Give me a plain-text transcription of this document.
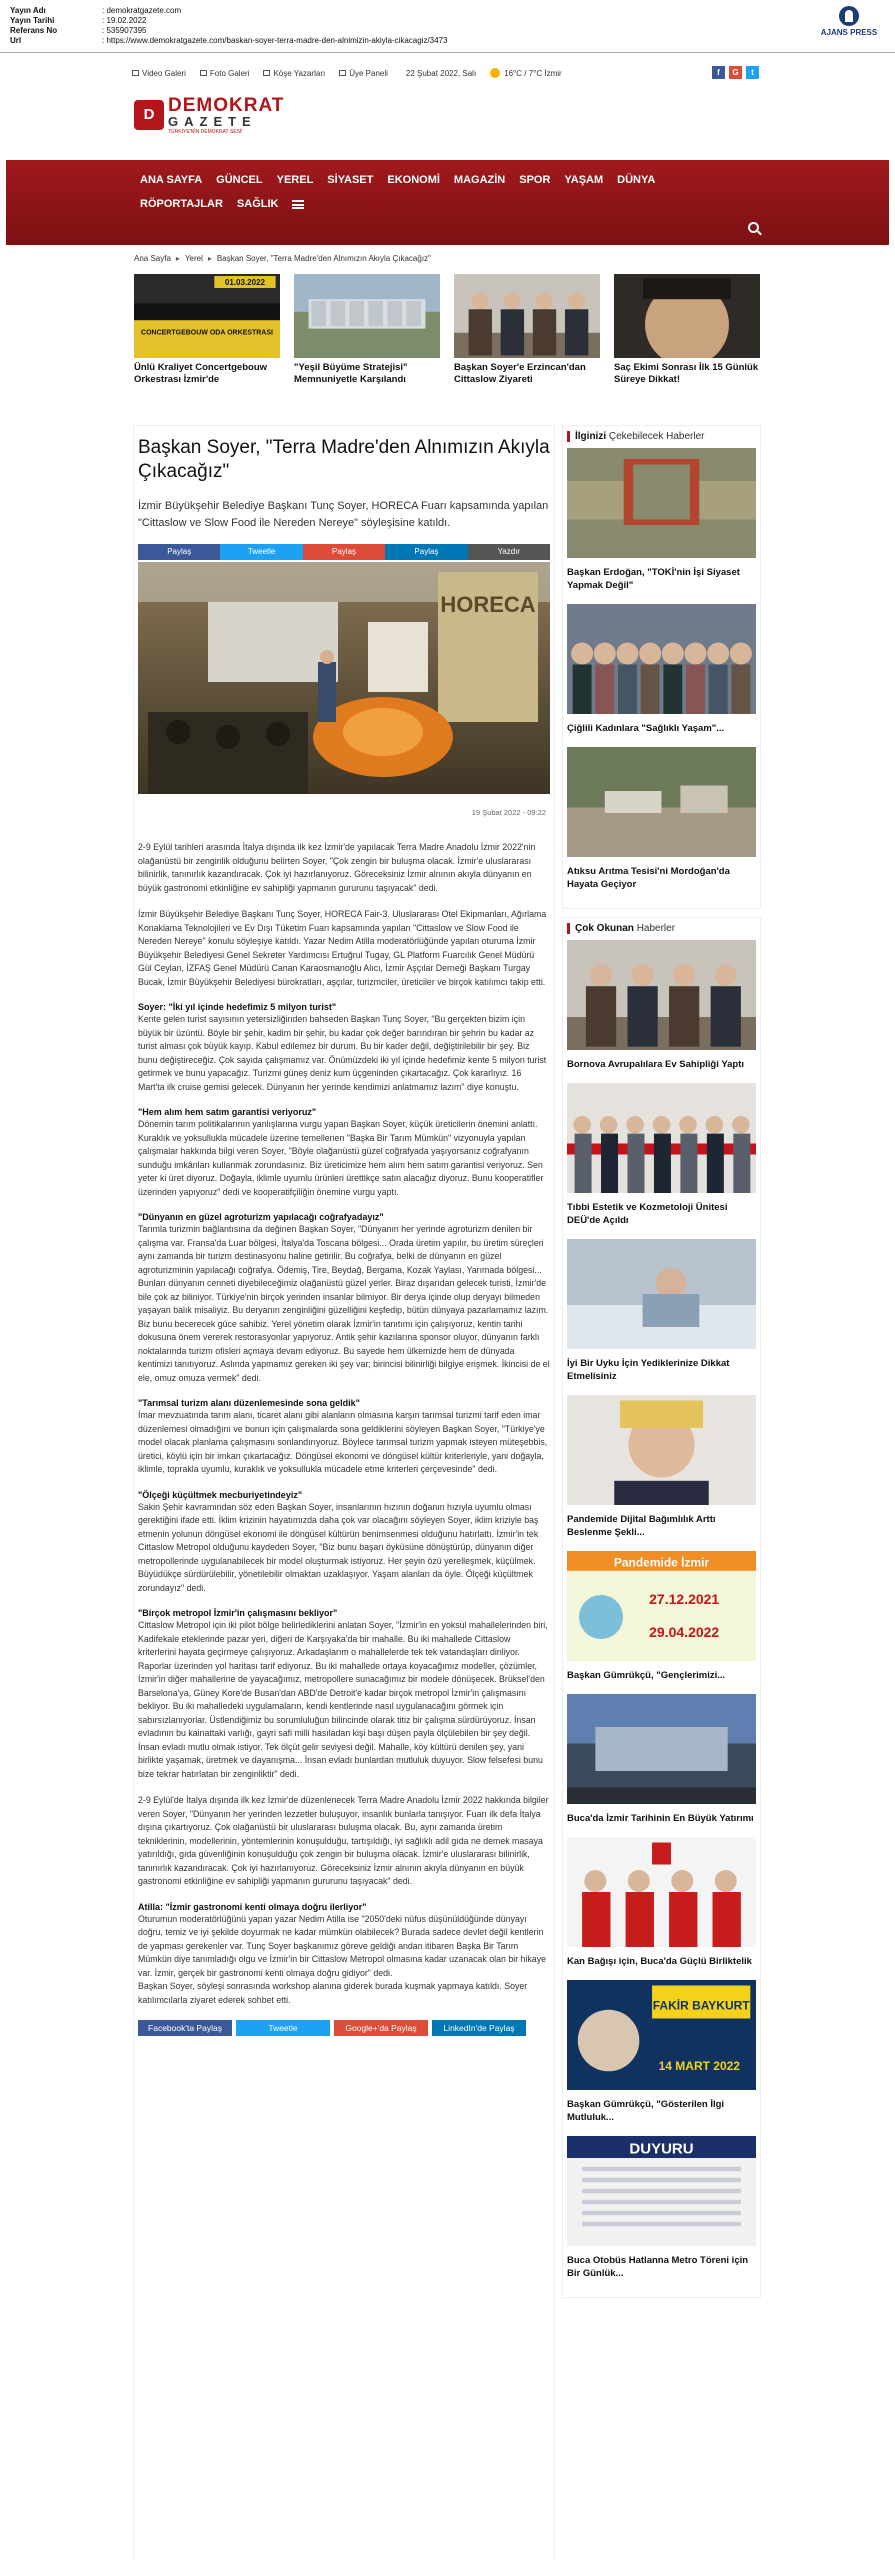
Yayın Adı	: demokratgazete.com
Yayın Tarihi	: 19.02.2022
Referans No	: 535907395
Url	: https://www.demokratgazete.com/baskan-soyer-terra-madre-den-alnimizin-akiyla-cikacagiz/3473
AJANS PRESS
Video Galeri	Foto Galeri	Köşe Yazarları	Üye Paneli 22 Şubat 2022, Salı	16°C / 7°C İzmir	f	G	t
D DEMOKRAT
GAZETE
TÜRKİYE'NİN DEMOKRAT SESİ!
ANA SAYFA GÜNCEL YEREL SİYASET EKONOMİ MAGAZİN SPOR YAŞAM DÜNYA
RÖPORTAJLAR SAĞLIK
Ana Sayfa ▸ Yerel ▸ Başkan Soyer, "Terra Madre'den Alnımızın Akıyla Çıkacağız"
01.03.2022
CONCERTGEBOUW ODA ORKESTRASI
Ünlü Kraliyet Concertgebouw Orkestrası İzmir'de
"Yeşil Büyüme Stratejisi" Memnuniyetle Karşılandı
Başkan Soyer'e Erzincan'dan Cittaslow Ziyareti
Saç Ekimi Sonrası İlk 15 Günlük Süreye Dikkat!
Başkan Soyer, "Terra Madre'den Alnımızın Akıyla Çıkacağız"

İzmir Büyükşehir Belediye Başkanı Tunç Soyer, HORECA Fuarı kapsamında yapılan "Cittaslow ve Slow Food ile Nereden Nereye" söyleşisine katıldı.

Paylaş	Tweetle	Paylaş	Paylaş	Yazdır
HORECA
19 Şubat 2022 - 09:22

2-9 Eylül tarihleri arasında İtalya dışında ilk kez İzmir'de yapılacak Terra Madre Anadolu İzmir 2022'nin olağanüstü bir zenginlik olduğunu belirten Soyer, "Çok zengin bir buluşma olacak. İzmir'e uluslararası bilinirlik, tanınırlık kazandıracak. Çok iyi hazırlanıyoruz. Göreceksiniz İzmir alnının akıyla dünyanın en büyük gastronomi etkinliğine ev sahipliği yapmanın gururunu taşıyacak" dedi.

İzmir Büyükşehir Belediye Başkanı Tunç Soyer, HORECA Fair-3. Uluslararası Otel Ekipmanları, Ağırlama Konaklama Teknolojileri ve Ev Dışı Tüketim Fuarı kapsamında yapılan "Cittaslow ve Slow Food ile Nereden Nereye" konulu söyleşiye katıldı. Yazar Nedim Atilla moderatörlüğünde yapılan oturuma İzmir Büyükşehir Belediyesi Genel Sekreter Yardımcısı Ertuğrul Tugay, GL Platform Fuarcılık Genel Müdürü Gül Ceylan, İZFAŞ Genel Müdürü Canan Karaosmanoğlu Alıcı, İzmir Aşçılar Derneği Başkanı Turgay Bucak, İzmir Büyükşehir Belediyesi bürokratları, aşçılar, turizmciler, üreticiler ve birçok katılımcı takip etti.

Soyer: "İki yıl içinde hedefimiz 5 milyon turist"

Kente gelen turist sayısının yetersizliğinden bahseden Başkan Tunç Soyer, "Bu gerçekten bizim için büyük bir üzüntü. Böyle bir şehir, kadim bir şehir, bu kadar çok değer barındıran bir şehrin bu kadar az turist alması çok büyük kayıp. Kabul edilemez bir durum. Bu bir kader değil, değiştirilebilir bir şey. Biz bunu değiştireceğiz. Çok sayıda çalışmamız var. Önümüzdeki iki yıl içinde hedefimiz kente 5 milyon turist getirmek ve bunu yapacağız. Turizmi güneş deniz kum üçgeninden çıkartacağız. Çok kararlıyız. 16 Mart'ta ilk cruise gemisi gelecek. Dünyanın her yerinde kendimizi anlatmamız lazım" diye konuştu.

"Hem alım hem satım garantisi veriyoruz"

Dönemin tarım politikalarının yanlışlarına vurgu yapan Başkan Soyer, küçük üreticilerin önemini anlattı. Kuraklık ve yoksullukla mücadele üzerine temellenen "Başka Bir Tarım Mümkün" vizyonuyla yapılan çalışmalar hakkında bilgi veren Soyer, "Böyle olağanüstü güzel coğrafyada yaşıyorsanız coğrafyanın sunduğu imkânları kullanmak zorundasınız. Biz üreticimize hem alım hem satım garantisi veriyoruz. Sen yeter ki üret diyoruz. Doğayla, iklimle uyumlu ürünleri ürettikçe satın alacağız diyoruz. Bunu kooperatifler üzerinden yapıyoruz" dedi ve kooperatifçiliğin önemine vurgu yaptı.

"Dünyanın en güzel agroturizm yapılacağı coğrafyadayız"

Tarımla turizmin bağlantısına da değinen Başkan Soyer, "Dünyanın her yerinde agroturizm denilen bir çalışma var. Fransa'da Luar bölgesi, İtalya'da Toscana bölgesi... Orada üretim yapılır, bu üretim süreçleri aynı zamanda bir turizm destinasyonu haline getirilir. Bu coğrafya, belki de dünyanın en güzel agroturizminin yapılacağı coğrafya. Ödemiş, Tire, Beydağ, Bergama, Kozak Yaylası, Yarımada bölgesi... Bunları dünyanın cenneti diyebileceğimiz olağanüstü güzel yerler. Biraz dışarıdan gelecek turisti, İzmir'de bile çok az biliniyor. Türkiye'nin birçok yerinden insanlar bilmiyor. Bir derya içinde olup deryayı bilmeden yaşayan balık misaliyiz. Bu deryanın zenginliğini güzelliğini keşfedip, bütün dünyaya pazarlamamız lazım. Biz bunu becerecek güce sahibiz. Yerel yönetim olarak İzmir'in tanıtımı için çalışıyoruz, kentin tarihi dokusuna önem vererek restorasyonlar yapıyoruz. Antik şehir kazılarına sponsor oluyor, dünyanın farklı noktalarında turizm ofisleri açmaya devam ediyoruz. Bu sayede hem ülkemizde hem de dünyada kentimizi tanıtıyoruz. Aslında yapmamız gereken iki şey var; birincisi bilinirliği bilgiye erişmek. İkincisi de el ele, omuz omuza vermek" dedi.

"Tarımsal turizm alanı düzenlemesinde sona geldik"

İmar mevzuatında tarım alanı, ticaret alanı gibi alanların olmasına karşın tarımsal turizmi tarif eden imar düzenlemesi olmadığını ve bunun için çalışmalarda sona geldiklerini söyleyen Başkan Soyer, "Türkiye'ye model olacak planlama çalışmasını sonlandırıyoruz. Böylece tarımsal turizm yapmak isteyen müteşebbis, üretici, köylü için bir imkan çıkartacağız. Döngüsel ekonomi ve döngüsel kültür kriterleriyle, yani doğayla, iklimle, toprakla uyumlu, kuraklık ve yoksullukla mücadele etme kriterleri çerçevesinde" dedi.

"Ölçeği küçültmek mecburiyetindeyiz"

Sakin Şehir kavramından söz eden Başkan Soyer, insanlarının hızının doğanın hızıyla uyumlu olması gerektiğini ifade etti. İklim krizinin hayatımızda daha çok var olacağını söyleyen Soyer, iklim kriziyle baş etmenin yolunun döngüsel ekonomi ile döngüsel kültürün benimsenmesi olduğunu hatırlattı. İzmir'in tek Cittaslow Metropol olduğunu kaydeden Soyer, "Biz bunu başarı öyküsüne dönüştürüp, dünyanın diğer metropollerinde uygulanabilecek bir model oluşturmak istiyoruz. Her şeyin özü yerelleşmek, küçülmek. Büyüdükçe sürdürülebilir, yönetilebilir olmaktan uzaklaşıyor. Yaşam alanları da öyle. Ölçeği küçültmek zorundayız" dedi.

"Birçok metropol İzmir'in çalışmasını bekliyor"

Cittaslow Metropol için iki pilot bölge belirlediklerini anlatan Soyer, "İzmir'in en yoksul mahallelerinden biri, Kadifekale eteklerinde pazar yeri, diğeri de Karşıyaka'da bir mahalle. Bu iki mahallede Cittaslow kriterlerini hayata geçirmeye çalışıyoruz. Arkadaşlarım o mahallelerde tek tek vatandaşları dinliyor. Raporlar üzerinden yol haritası tarif ediyoruz. Bu iki mahallede ortaya koyacağımız modeller, çözümler, İzmir'in diğer mahallerine de yayacağımız, metropollere sunacağımız bir modele dönüşecek. Brüksel'den Barselona'ya, Güney Kore'de Busan'dan ABD'de Detroit'e kadar birçok metropol İzmir'in çalışmasını bekliyor. Bu iki mahalledeki uygulamaların, kendi kentlerinde nasıl uygulanacağını görmek için sabırsızlanıyorlar. Üstlendiğimiz bu sorumluluğun bilincinde olarak titiz bir çalışma sürdürüyoruz. İnsan evladının bu kainattaki varlığı, gayri safi milli hasıladan kişi başı düşen payla ölçülebilen bir şey değil. İnsan evladı mutlu olmak istiyor. Tek ölçüt gelir seviyesi değil. Mahalle, köy kültürü denilen şey, yani birlikte yaşamak, üretmek ve dayanışma... İnsan evladı bunlardan mutluluk duyuyor. Slow felsefesi bunu bize tekrar hatırlatan bir zenginliktir" dedi.

2-9 Eylül'de İtalya dışında ilk kez İzmir'de düzenlenecek Terra Madre Anadolu İzmir 2022 hakkında bilgiler veren Soyer, "Dünyanın her yerinden lezzetler buluşuyor, insanlık bunlarla tanışıyor. Fuarı ilk defa İtalya dışına çıkartıyoruz. Çok olağanüstü bir uluslararası buluşma olacak. Bu, aynı zamanda üretim tekniklerinin, modellerinin, yöntemlerinin konuşulduğu, tartışıldığı, iyi sağlıklı adil gıda ne demek masaya yatırıldığı, gıda güvenliğinin konuşulduğu çok zengin bir buluşma olacak. İzmir'e uluslararası bilinirlik, tanınırlık kazandıracak. Çok iyi hazırlanıyoruz. Göreceksiniz İzmir alnının akıyla dünyanın en büyük gastronomi etkinliğine ev sahipliği yapmanın gururunu taşıyacak" dedi.

Atilla: "İzmir gastronomi kenti olmaya doğru ilerliyor"

Oturumun moderatörlüğünü yapan yazar Nedim Atilla ise "2050'deki nüfus düşünüldüğünde dünyayı doğru, temiz ve iyi şekilde doyurmak ne kadar mümkün olabilecek? Burada sadece devlet değil kentlerin de yapması gerekenler var. Tunç Soyer başkanımız göreve geldiği andan itibaren Başka Bir Tarım Mümkün diye tanımladığı olgu ve İzmir'in bir Cittaslow Metropol olmasına kadar uzanacak olan bir hikaye var. İzmir, gerçek bir gastronomi kenti olmaya doğru gidiyor" dedi.
Başkan Soyer, söyleşi sonrasında workshop alanına giderek burada kuşmak yapmaya katıldı. Soyer katılımcılarla ziyaret ederek sohbet etti.

Facebook'ta Paylaş	Tweetle	Google+'da Paylaş	LinkedIn'de Paylaş
İlginizi Çekebilecek Haberler
Başkan Erdoğan, "TOKİ'nin İşi Siyaset Yapmak Değil"
Çiğlili Kadınlara "Sağlıklı Yaşam"...
Atıksu Arıtma Tesisi'ni Mordoğan'da Hayata Geçiyor
Çok Okunan Haberler
Bornova Avrupalılara Ev Sahipliği Yaptı
Tıbbi Estetik ve Kozmetoloji Ünitesi DEÜ'de Açıldı
İyi Bir Uyku İçin Yediklerinize Dikkat Etmelisiniz
Pandemide Dijital Bağımlılık Arttı Beslenme Şekli...
Pandemide İzmir
27.12.2021
29.04.2022
Başkan Gümrükçü, "Gençlerimizi...
Buca'da İzmir Tarihinin En Büyük Yatırımı
Kan Bağışı için, Buca'da Güçlü Birliktelik
FAKİR BAYKURT
14 MART 2022
Başkan Gümrükçü, "Gösterilen İlgi Mutluluk...
DUYURU
Buca Otobüs Hatlanna Metro Töreni için Bir Günlük...
